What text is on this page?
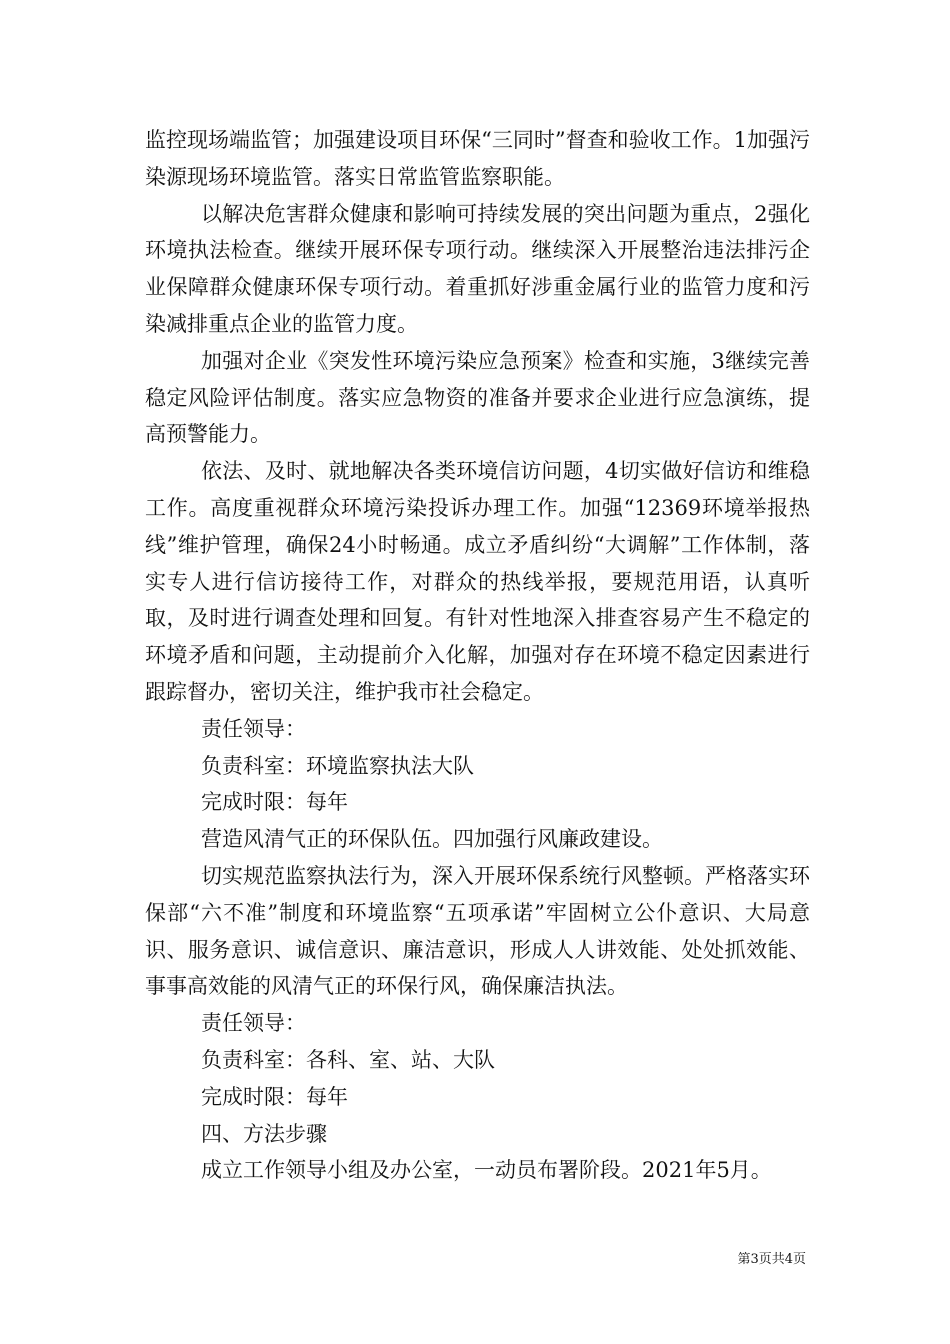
监控现场端监管；加强建设项目环保“三同时”督查和验收工作。1加强污染源现场环境监管。落实日常监管监察职能。

以解决危害群众健康和影响可持续发展的突出问题为重点，2强化环境执法检查。继续开展环保专项行动。继续深入开展整治违法排污企业保障群众健康环保专项行动。着重抓好涉重金属行业的监管力度和污染减排重点企业的监管力度。

加强对企业《突发性环境污染应急预案》检查和实施，3继续完善稳定风险评估制度。落实应急物资的准备并要求企业进行应急演练，提高预警能力。

依法、及时、就地解决各类环境信访问题，4切实做好信访和维稳工作。高度重视群众环境污染投诉办理工作。加强“12369环境举报热线”维护管理，确保24小时畅通。成立矛盾纠纷“大调解”工作体制，落实专人进行信访接待工作，对群众的热线举报，要规范用语，认真听取，及时进行调查处理和回复。有针对性地深入排查容易产生不稳定的环境矛盾和问题，主动提前介入化解，加强对存在环境不稳定因素进行跟踪督办，密切关注，维护我市社会稳定。

责任领导：

负责科室：环境监察执法大队

完成时限：每年

营造风清气正的环保队伍。四加强行风廉政建设。

切实规范监察执法行为，深入开展环保系统行风整顿。严格落实环保部“六不准”制度和环境监察“五项承诺”牢固树立公仆意识、大局意识、服务意识、诚信意识、廉洁意识，形成人人讲效能、处处抓效能、事事高效能的风清气正的环保行风，确保廉洁执法。

责任领导：

负责科室：各科、室、站、大队

完成时限：每年

四、方法步骤

成立工作领导小组及办公室，一动员布署阶段。2021年5月。

第3页共4页
